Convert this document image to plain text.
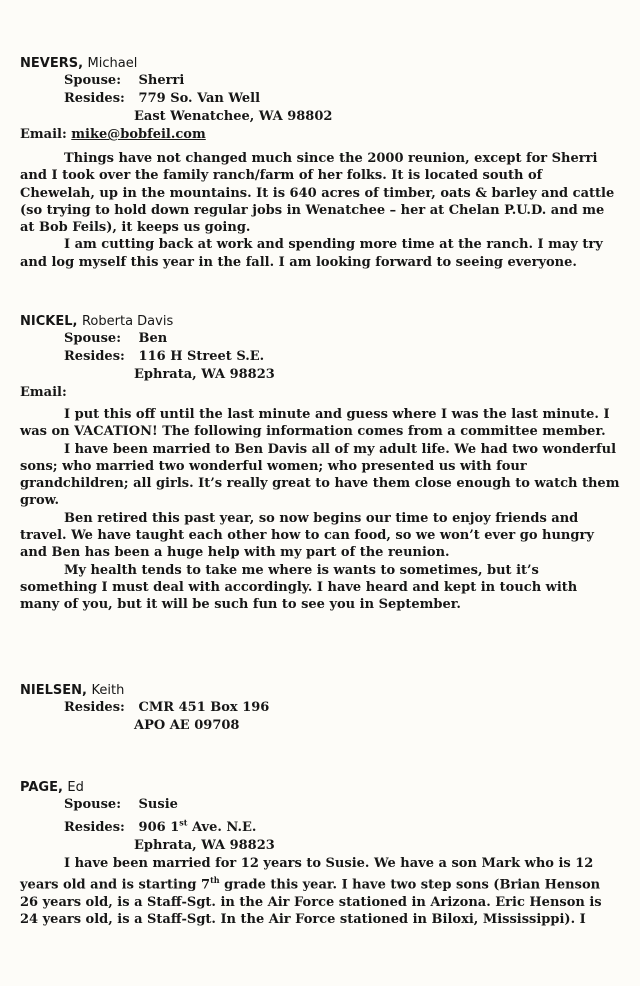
NEVERS, Michael
Spouse: Sherri
Resides: 779 So. Van Well
East Wenatchee, WA 98802
Email: mike@bobfeil.com

Things have not changed much since the 2000 reunion, except for Sherri and I took over the family ranch/farm of her folks. It is located south of Chewelah, up in the mountains. It is 640 acres of timber, oats & barley and cattle (so trying to hold down regular jobs in Wenatchee – her at Chelan P.U.D. and me at Bob Feils), it keeps us going.

I am cutting back at work and spending more time at the ranch. I may try and log myself this year in the fall. I am looking forward to seeing everyone.

NICKEL, Roberta Davis
Spouse: Ben
Resides: 116 H Street S.E.
Ephrata, WA 98823
Email:

I put this off until the last minute and guess where I was the last minute. I was on VACATION! The following information comes from a committee member.

I have been married to Ben Davis all of my adult life. We had two wonderful sons; who married two wonderful women; who presented us with four grandchildren; all girls. It’s really great to have them close enough to watch them grow.

Ben retired this past year, so now begins our time to enjoy friends and travel. We have taught each other how to can food, so we won’t ever go hungry and Ben has been a huge help with my part of the reunion.

My health tends to take me where is wants to sometimes, but it’s something I must deal with accordingly. I have heard and kept in touch with many of you, but it will be such fun to see you in September.

NIELSEN, Keith
Resides: CMR 451 Box 196
APO AE 09708
PAGE, Ed
Spouse: Susie
Resides: 906 1st Ave. N.E.
Ephrata, WA 98823

I have been married for 12 years to Susie. We have a son Mark who is 12 years old and is starting 7th grade this year. I have two step sons (Brian Henson 26 years old, is a Staff-Sgt. in the Air Force stationed in Arizona. Eric Henson is 24 years old, is a Staff-Sgt. In the Air Force stationed in Biloxi, Mississippi). I
